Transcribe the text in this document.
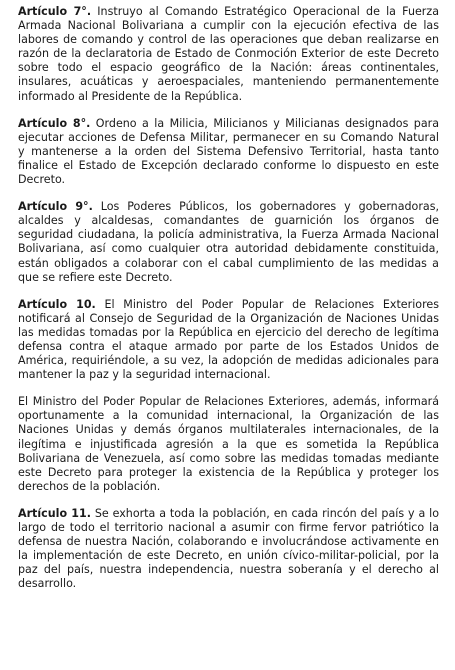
Artículo 7°. Instruyo al Comando Estratégico Operacional de la Fuerza Armada Nacional Bolivariana a cumplir con la ejecución efectiva de las labores de comando y control de las operaciones que deban realizarse en razón de la declaratoria de Estado de Conmoción Exterior de este Decreto sobre todo el espacio geográfico de la Nación: áreas continentales, insulares, acuáticas y aeroespaciales, manteniendo permanentemente informado al Presidente de la República.

Artículo 8°. Ordeno a la Milicia, Milicianos y Milicianas designados para ejecutar acciones de Defensa Militar, permanecer en su Comando Natural y mantenerse a la orden del Sistema Defensivo Territorial, hasta tanto finalice el Estado de Excepción declarado conforme lo dispuesto en este Decreto.

Artículo 9°. Los Poderes Públicos, los gobernadores y gobernadoras, alcaldes y alcaldesas, comandantes de guarnición los órganos de seguridad ciudadana, la policía administrativa, la Fuerza Armada Nacional Bolivariana, así como cualquier otra autoridad debidamente constituida, están obligados a colaborar con el cabal cumplimiento de las medidas a que se refiere este Decreto.

Artículo 10. El Ministro del Poder Popular de Relaciones Exteriores notificará al Consejo de Seguridad de la Organización de Naciones Unidas las medidas tomadas por la República en ejercicio del derecho de legítima defensa contra el ataque armado por parte de los Estados Unidos de América, requiriéndole, a su vez, la adopción de medidas adicionales para mantener la paz y la seguridad internacional.

El Ministro del Poder Popular de Relaciones Exteriores, además, informará oportunamente a la comunidad internacional, la Organización de las Naciones Unidas y demás órganos multilaterales internacionales, de la ilegítima e injustificada agresión a la que es sometida la República Bolivariana de Venezuela, así como sobre las medidas tomadas mediante este Decreto para proteger la existencia de la República y proteger los derechos de la población.

Artículo 11. Se exhorta a toda la población, en cada rincón del país y a lo largo de todo el territorio nacional a asumir con firme fervor patriótico la defensa de nuestra Nación, colaborando e involucrándose activamente en la implementación de este Decreto, en unión cívico-militar-policial, por la paz del país, nuestra independencia, nuestra soberanía y el derecho al desarrollo.
